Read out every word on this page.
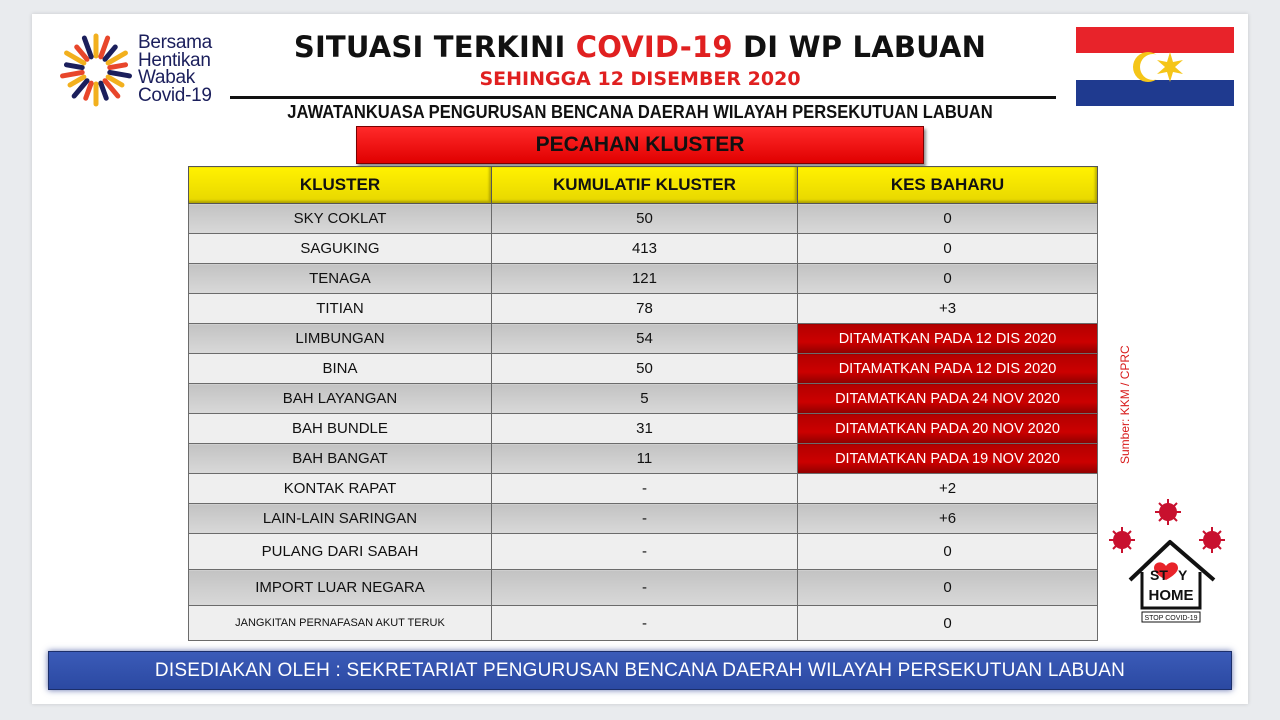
Bersama
Hentikan
Wabak
Covid-19
SITUASI TERKINI COVID-19 DI WP LABUAN
SEHINGGA 12 DISEMBER 2020
JAWATANKUASA PENGURUSAN BENCANA DAERAH WILAYAH PERSEKUTUAN LABUAN
PECAHAN KLUSTER
KLUSTER	KUMULATIF KLUSTER	KES BAHARU
SKY COKLAT	50	0
SAGUKING	413	0
TENAGA	121	0
TITIAN	78	+3
LIMBUNGAN	54	DITAMATKAN PADA 12 DIS 2020
BINA	50	DITAMATKAN PADA 12 DIS 2020
BAH LAYANGAN	5	DITAMATKAN PADA 24 NOV 2020
BAH BUNDLE	31	DITAMATKAN PADA 20 NOV 2020
BAH BANGAT	11	DITAMATKAN PADA 19 NOV 2020
KONTAK RAPAT	-	+2
LAIN-LAIN SARINGAN	-	+6
PULANG DARI SABAH	-	0
IMPORT LUAR NEGARA	-	0
JANGKITAN PERNAFASAN AKUT TERUK	-	0
Sumber: KKM / CPRC
ST Y
HOME
STOP COVID-19
DISEDIAKAN OLEH : SEKRETARIAT PENGURUSAN BENCANA DAERAH WILAYAH PERSEKUTUAN LABUAN
